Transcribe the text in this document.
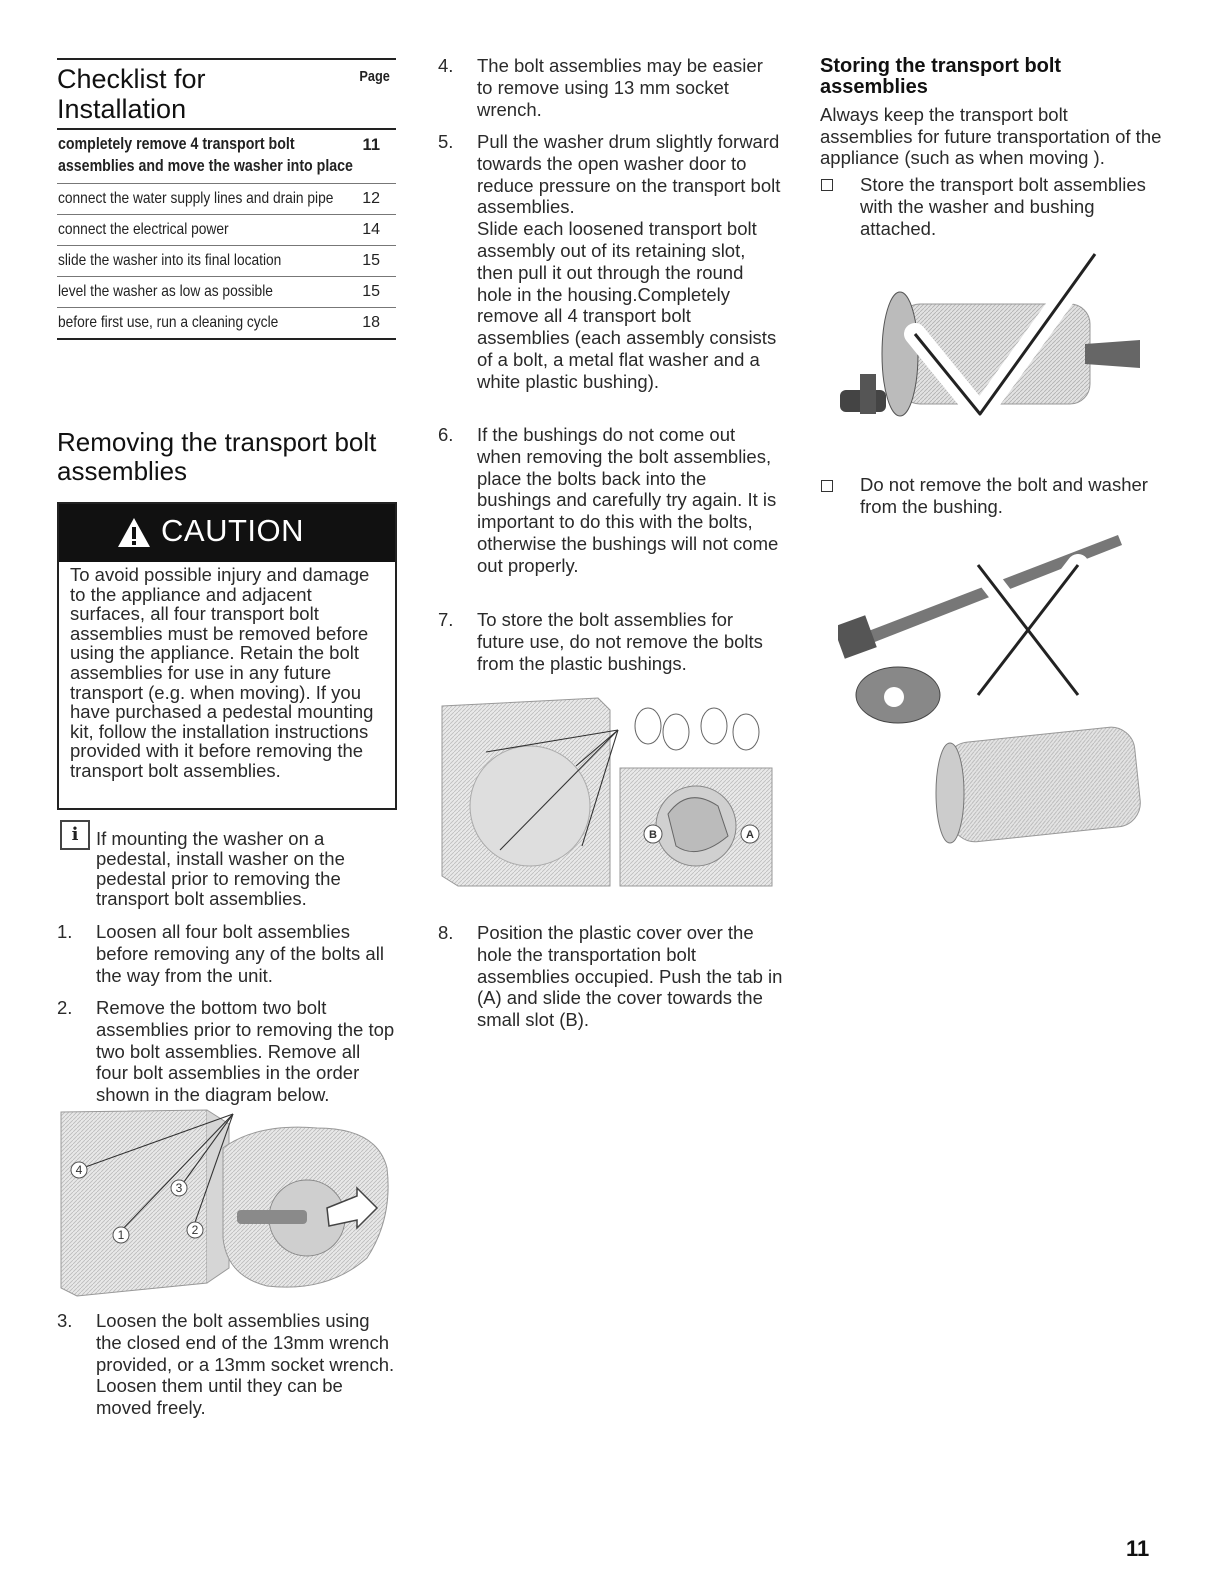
Checklist for Installation
Page
completely remove 4 transport bolt assemblies and move the washer into place
11
connect the water supply lines and drain pipe 12
connect the electrical power	14
slide the washer into its final location	15
level the washer as low as possible	15
before first use, run a cleaning cycle	18
Removing the transport bolt assemblies
CAUTION
To avoid possible injury and damage to the appliance and adjacent surfaces, all four transport bolt assemblies must be removed before using the appliance. Retain the bolt assemblies for use in any future transport (e.g. when moving). If you have purchased a pedestal mounting kit, follow the installation instructions provided with it before removing the transport bolt assemblies.
i If mounting the washer on a pedestal, install washer on the pedestal prior to removing the transport bolt assemblies.
1. Loosen all four bolt assemblies before removing any of the bolts all the way from the unit.
2. Remove the bottom two bolt assemblies prior to removing the top two bolt assemblies. Remove all four bolt assemblies in the order shown in the diagram below.
4
3
1	2
3. Loosen the bolt assemblies using the closed end of the 13mm wrench provided, or a 13mm socket wrench. Loosen them until they can be moved freely.
4. The bolt assemblies may be easier to remove using 13 mm socket wrench.
5. Pull the washer drum slightly forward towards the open washer door to reduce pressure on the transport bolt assemblies.
Slide each loosened transport bolt assembly out of its retaining slot, then pull it out through the round hole in the housing.Completely remove all 4 transport bolt assemblies (each assembly consists of a bolt, a metal flat washer and a white plastic bushing).
6. If the bushings do not come out when removing the bolt assemblies, place the bolts back into the bushings and carefully try again. It is important to do this with the bolts, otherwise the bushings will not come out properly.
7. To store the bolt assemblies for future use, do not remove the bolts from the plastic bushings.
B	A
8. Position the plastic cover over the hole the transportation bolt assemblies occupied. Push the tab in (A) and slide the cover towards the small slot (B).
Storing the transport bolt assemblies
Always keep the transport bolt assemblies for future transportation of the appliance (such as when moving ).
Store the transport bolt assemblies with the washer and bushing attached.
Do not remove the bolt and washer from the bushing.
11
